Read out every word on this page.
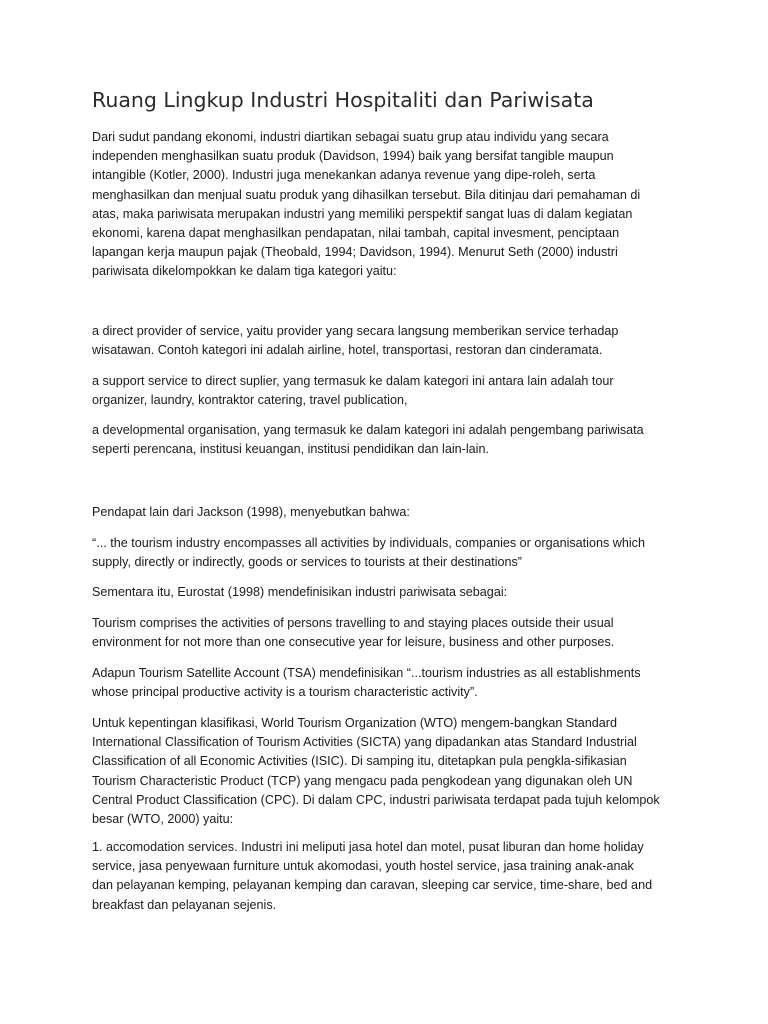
Ruang Lingkup Industri Hospitaliti dan Pariwisata

Dari sudut pandang ekonomi, industri diartikan sebagai suatu grup atau individu yang secara
independen menghasilkan suatu produk (Davidson, 1994) baik yang bersifat tangible maupun
intangible (Kotler, 2000). Industri juga menekankan adanya revenue yang dipe-roleh, serta
menghasilkan dan menjual suatu produk yang dihasilkan tersebut. Bila ditinjau dari pemahaman di
atas, maka pariwisata merupakan industri yang memiliki perspektif sangat luas di dalam kegiatan
ekonomi, karena dapat menghasilkan pendapatan, nilai tambah, capital invesment, penciptaan
lapangan kerja maupun pajak (Theobald, 1994; Davidson, 1994). Menurut Seth (2000) industri
pariwisata dikelompokkan ke dalam tiga kategori yaitu:

a direct provider of service, yaitu provider yang secara langsung memberikan service terhadap
wisatawan. Contoh kategori ini adalah airline, hotel, transportasi, restoran dan cinderamata.

a support service to direct suplier, yang termasuk ke dalam kategori ini antara lain adalah tour
organizer, laundry, kontraktor catering, travel publication,

a developmental organisation, yang termasuk ke dalam kategori ini adalah pengembang pariwisata
seperti perencana, institusi keuangan, institusi pendidikan dan lain-lain.

Pendapat lain dari Jackson (1998), menyebutkan bahwa:

“... the tourism industry encompasses all activities by individuals, companies or organisations which
supply, directly or indirectly, goods or services to tourists at their destinations”

Sementara itu, Eurostat (1998) mendefinisikan industri pariwisata sebagai:

Tourism comprises the activities of persons travelling to and staying places outside their usual
environment for not more than one consecutive year for leisure, business and other purposes.

Adapun Tourism Satellite Account (TSA) mendefinisikan “...tourism industries as all establishments
whose principal productive activity is a tourism characteristic activity”.

Untuk kepentingan klasifikasi, World Tourism Organization (WTO) mengem-bangkan Standard
International Classification of Tourism Activities (SICTA) yang dipadankan atas Standard Industrial
Classification of all Economic Activities (ISIC). Di samping itu, ditetapkan pula pengkla-sifikasian
Tourism Characteristic Product (TCP) yang mengacu pada pengkodean yang digunakan oleh UN
Central Product Classification (CPC). Di dalam CPC, industri pariwisata terdapat pada tujuh kelompok
besar (WTO, 2000) yaitu:

1. accomodation services. Industri ini meliputi jasa hotel dan motel, pusat liburan dan home holiday
service, jasa penyewaan furniture untuk akomodasi, youth hostel service, jasa training anak-anak
dan pelayanan kemping, pelayanan kemping dan caravan, sleeping car service, time-share, bed and
breakfast dan pelayanan sejenis.
